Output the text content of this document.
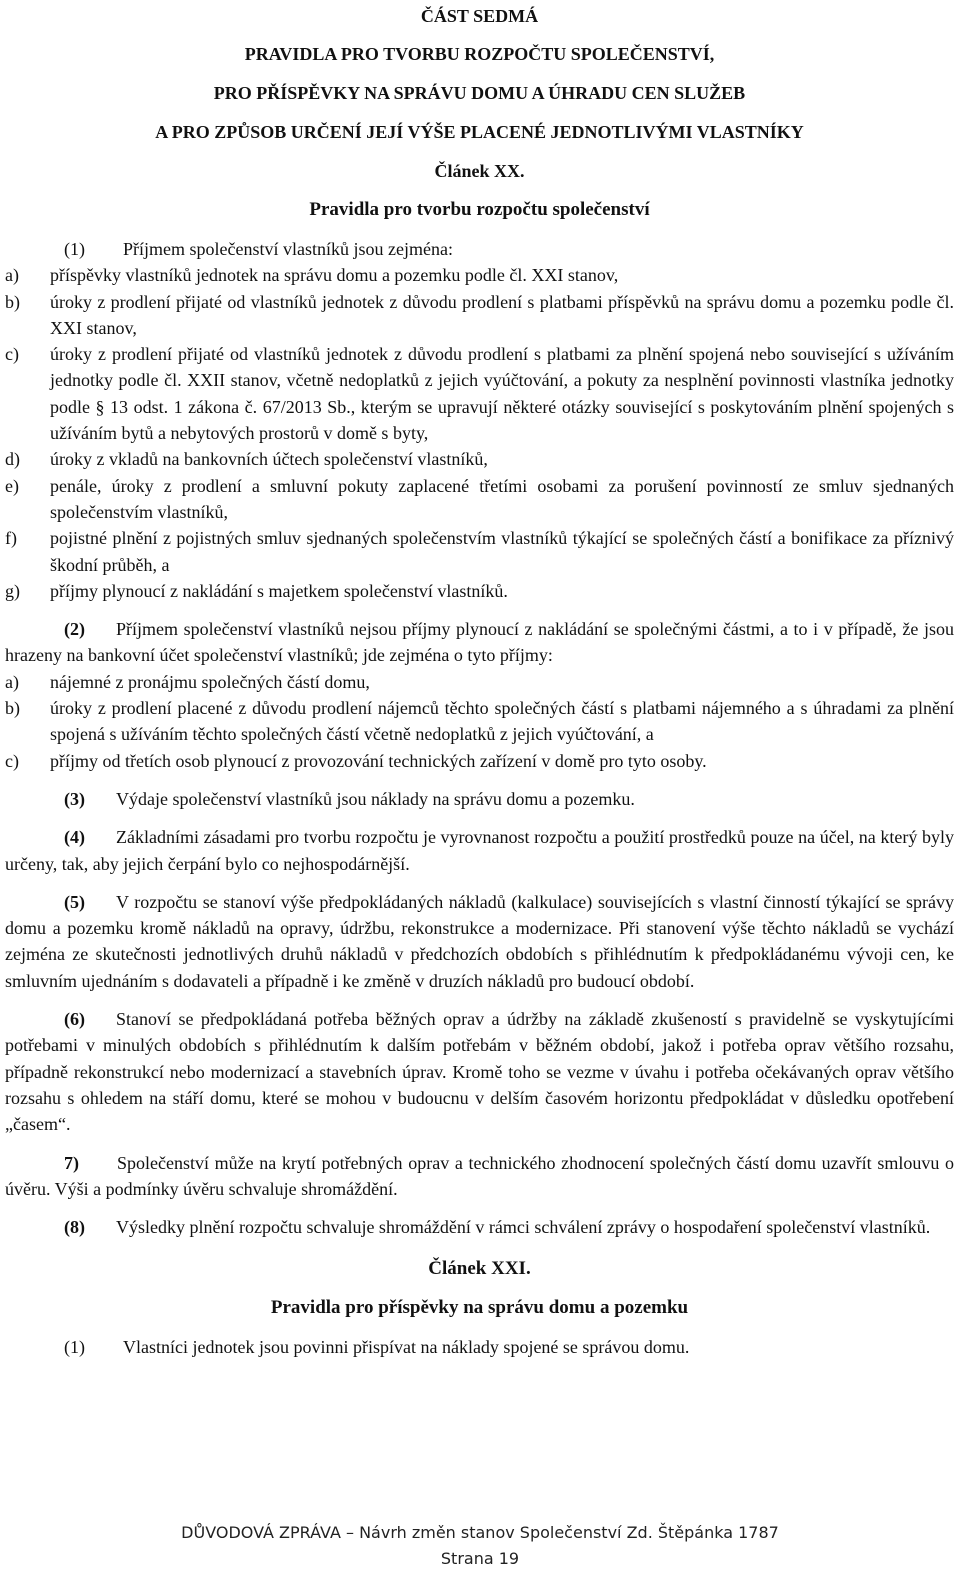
ČÁST SEDMÁ
PRAVIDLA PRO TVORBU ROZPOČTU SPOLEČENSTVÍ,
PRO PŘÍSPĚVKY NA SPRÁVU DOMU A ÚHRADU CEN SLUŽEB
A PRO ZPŮSOB URČENÍ JEJÍ VÝŠE PLACENÉ JEDNOTLIVÝMI VLASTNÍKY
Článek XX.
Pravidla pro tvorbu rozpočtu společenství

(1) Příjmem společenství vlastníků jsou zejména:

a) příspěvky vlastníků jednotek na správu domu a pozemku podle čl. XXI stanov,

b) úroky z prodlení přijaté od vlastníků jednotek z důvodu prodlení s platbami příspěvků na správu domu a pozemku podle čl. XXI stanov,

c) úroky z prodlení přijaté od vlastníků jednotek z důvodu prodlení s platbami za plnění spojená nebo související s užíváním jednotky podle čl. XXII stanov, včetně nedoplatků z jejich vyúčtování, a pokuty za nesplnění povinnosti vlastníka jednotky podle § 13 odst. 1 zákona č. 67/2013 Sb., kterým se upravují některé otázky související s poskytováním plnění spojených s užíváním bytů a nebytových prostorů v domě s byty,

d) úroky z vkladů na bankovních účtech společenství vlastníků,

e) penále, úroky z prodlení a smluvní pokuty zaplacené třetími osobami za porušení povinností ze smluv sjednaných společenstvím vlastníků,

f) pojistné plnění z pojistných smluv sjednaných společenstvím vlastníků týkající se společných částí a bonifikace za příznivý škodní průběh, a

g) příjmy plynoucí z nakládání s majetkem společenství vlastníků.

(2) Příjmem společenství vlastníků nejsou příjmy plynoucí z nakládání se společnými částmi, a to i v případě, že jsou hrazeny na bankovní účet společenství vlastníků; jde zejména o tyto příjmy:

a) nájemné z pronájmu společných částí domu,

b) úroky z prodlení placené z důvodu prodlení nájemců těchto společných částí s platbami nájemného a s úhradami za plnění spojená s užíváním těchto společných částí včetně nedoplatků z jejich vyúčtování, a

c) příjmy od třetích osob plynoucí z provozování technických zařízení v domě pro tyto osoby.

(3) Výdaje společenství vlastníků jsou náklady na správu domu a pozemku.

(4) Základními zásadami pro tvorbu rozpočtu je vyrovnanost rozpočtu a použití prostředků pouze na účel, na který byly určeny, tak, aby jejich čerpání bylo co nejhospodárnější.

(5) V rozpočtu se stanoví výše předpokládaných nákladů (kalkulace) souvisejících s vlastní činností týkající se správy domu a pozemku kromě nákladů na opravy, údržbu, rekonstrukce a modernizace. Při stanovení výše těchto nákladů se vychází zejména ze skutečnosti jednotlivých druhů nákladů v předchozích obdobích s přihlédnutím k předpokládanému vývoji cen, ke smluvním ujednáním s dodavateli a případně i ke změně v druzích nákladů pro budoucí období.

(6) Stanoví se předpokládaná potřeba běžných oprav a údržby na základě zkušeností s pravidelně se vyskytujícími potřebami v minulých obdobích s přihlédnutím k dalším potřebám v běžném období, jakož i potřeba oprav většího rozsahu, případně rekonstrukcí nebo modernizací a stavebních úprav. Kromě toho se vezme v úvahu i potřeba očekávaných oprav většího rozsahu s ohledem na stáří domu, které se mohou v budoucnu v delším časovém horizontu předpokládat v důsledku opotřebení „časem“.

7) Společenství může na krytí potřebných oprav a technického zhodnocení společných částí domu uzavřít smlouvu o úvěru. Výši a podmínky úvěru schvaluje shromáždění.

(8) Výsledky plnění rozpočtu schvaluje shromáždění v rámci schválení zprávy o hospodaření společenství vlastníků.

Článek XXI.
Pravidla pro příspěvky na správu domu a pozemku

(1) Vlastníci jednotek jsou povinni přispívat na náklady spojené se správou domu.

DŮVODOVÁ ZPRÁVA – Návrh změn stanov Společenství Zd. Štěpánka 1787
Strana 19
